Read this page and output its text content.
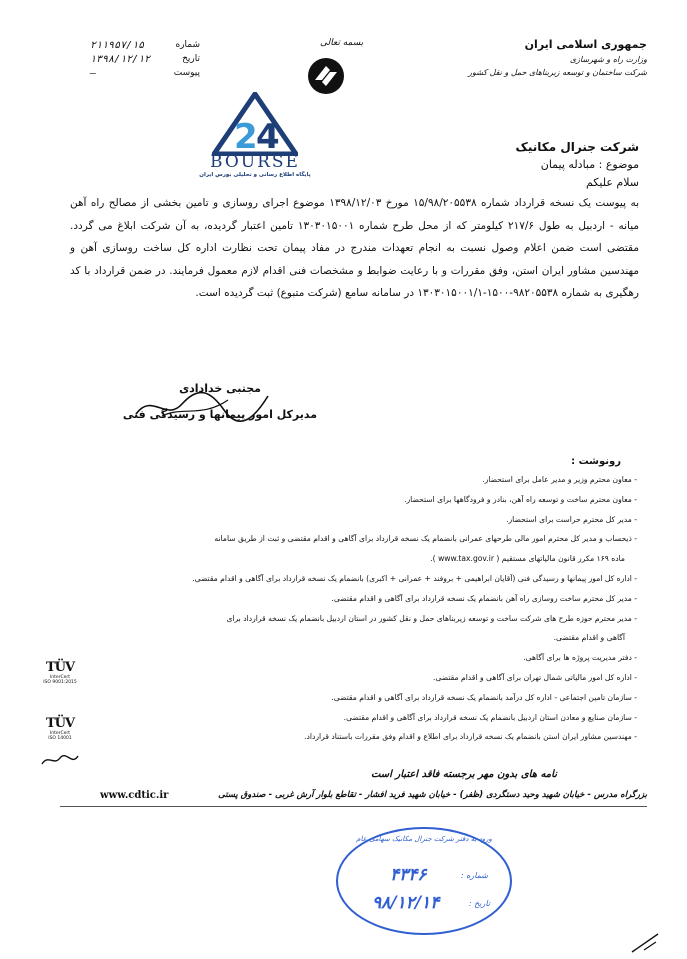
جمهوری اسلامی ایران
وزارت راه و شهرسازی
شرکت ساختمان و توسعه زیربناهای حمل و نقل کشور
بسمه تعالی
شماره
۲۱۱۹۵۷/۱۵
تاریخ
۱۳۹۸/۱۲/۱۲
پیوست
—
2
4
BOURSE
پایگاه اطلاع رسانی و تحلیلی بورس ایران
شرکت جنرال مکانیک
موضوع : مبادله پیمان
سلام علیکم
به پیوست یک نسخه قرارداد شماره ۱۵/۹۸/۲۰۵۵۳۸ مورخ ۱۳۹۸/۱۲/۰۳ موضوع اجرای روسازی و تامین بخشی از مصالح راه آهن میانه - اردبیل به طول ۲۱۷/۶ کیلومتر که از محل طرح شماره ۱۳۰۳۰۱۵۰۰۱ تامین اعتبار گردیده، به آن شرکت ابلاغ می گردد. مقتضی است ضمن اعلام وصول نسبت به انجام تعهدات مندرج در مفاد پیمان تحت نظارت اداره کل ساخت روسازی آهن و مهندسین مشاور ایران استن، وفق مقررات و با رعایت ضوابط و مشخصات فنی اقدام لازم معمول فرمایند. در ضمن قرارداد با کد رهگیری به شماره ۹۸۲۰۵۵۳۸-۱۵۰۰-۱۳۰۳۰۱۵۰۰۱/۱ در سامانه سامع (شرکت متبوع) ثبت گردیده است.
مجتبی خدادادی
مدیرکل امور پیمانها و رسیدگی فنی
رونوشت :
- معاون محترم وزیر و مدیر عامل برای استحضار.
- معاون محترم ساخت و توسعه راه آهن، بنادر و فرودگاهها برای استحضار.
- مدیر کل محترم حراست برای استحضار.
- ذیحساب و مدیر کل محترم امور مالی طرحهای عمرانی بانضمام یک نسخه قرارداد برای آگاهی و اقدام مقتضی و ثبت از طریق سامانه
ماده ۱۶۹ مکرر قانون مالیاتهای مستقیم ( www.tax.gov.ir ).
- اداره کل امور پیمانها و رسیدگی فنی (آقایان ابراهیمی + بروفند + عمرانی + اکبری) بانضمام یک نسخه قرارداد برای آگاهی و اقدام مقتضی.
- مدیر کل محترم ساخت روسازی راه آهن بانضمام یک نسخه قرارداد برای آگاهی و اقدام مقتضی.
- مدیر محترم حوزه طرح های شرکت ساخت و توسعه زیربناهای حمل و نقل کشور در استان اردبیل بانضمام یک نسخه قرارداد برای
آگاهی و اقدام مقتضی.
- دفتر مدیریت پروژه ها برای آگاهی.
- اداره کل امور مالیاتی شمال تهران برای آگاهی و اقدام مقتضی.
- سازمان تامین اجتماعی - اداره کل درآمد بانضمام یک نسخه قرارداد برای آگاهی و اقدام مقتضی.
- سازمان صنایع و معادن استان اردبیل بانضمام یک نسخه قرارداد برای آگاهی و اقدام مقتضی.
- مهندسین مشاور ایران استن بانضمام یک نسخه قرارداد برای اطلاع و اقدام وفق مقررات باستناد قرارداد.
TÜV
InterCert
ISO 9001:2015
TÜV
InterCert
ISO 14001
نامه های بدون مهر برجسته فاقد اعتبار است
بزرگراه مدرس - خیابان شهید وحید دستگردی (ظفر) - خیابان شهید فرید افشار - تقاطع بلوار آرش غربی - صندوق پستی
www.cdtic.ir
ورود به دفتر شرکت جنرال مکانیک سهامی عام
شماره :
۴۳۴۶
تاریخ :
۹۸/۱۲/۱۴
